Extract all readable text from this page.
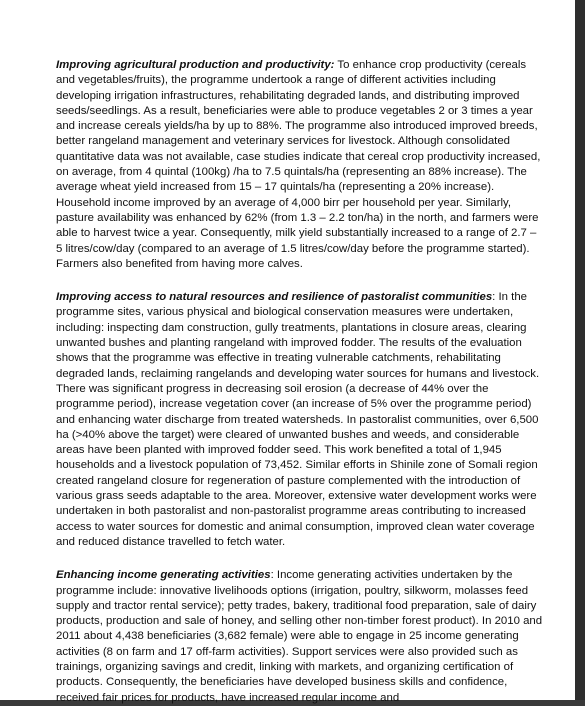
Improving agricultural production and productivity: To enhance crop productivity (cereals and vegetables/fruits), the programme undertook a range of different activities including developing irrigation infrastructures, rehabilitating degraded lands, and distributing improved seeds/seedlings. As a result, beneficiaries were able to produce vegetables 2 or 3 times a year and increase cereals yields/ha by up to 88%. The programme also introduced improved breeds, better rangeland management and veterinary services for livestock. Although consolidated quantitative data was not available, case studies indicate that cereal crop productivity increased, on average, from 4 quintal (100kg) /ha to 7.5 quintals/ha (representing an 88% increase). The average wheat yield increased from 15 – 17 quintals/ha (representing a 20% increase). Household income improved by an average of 4,000 birr per household per year. Similarly, pasture availability was enhanced by 62% (from 1.3 – 2.2 ton/ha) in the north, and farmers were able to harvest twice a year. Consequently, milk yield substantially increased to a range of 2.7 – 5 litres/cow/day (compared to an average of 1.5 litres/cow/day before the programme started). Farmers also benefited from having more calves.

Improving access to natural resources and resilience of pastoralist communities: In the programme sites, various physical and biological conservation measures were undertaken, including: inspecting dam construction, gully treatments, plantations in closure areas, clearing unwanted bushes and planting rangeland with improved fodder. The results of the evaluation shows that the programme was effective in treating vulnerable catchments, rehabilitating degraded lands, reclaiming rangelands and developing water sources for humans and livestock. There was significant progress in decreasing soil erosion (a decrease of 44% over the programme period), increase vegetation cover (an increase of 5% over the programme period) and enhancing water discharge from treated watersheds. In pastoralist communities, over 6,500 ha (>40% above the target) were cleared of unwanted bushes and weeds, and considerable areas have been planted with improved fodder seed. This work benefited a total of 1,945 households and a livestock population of 73,452. Similar efforts in Shinile zone of Somali region created rangeland closure for regeneration of pasture complemented with the introduction of various grass seeds adaptable to the area. Moreover, extensive water development works were undertaken in both pastoralist and non-pastoralist programme areas contributing to increased access to water sources for domestic and animal consumption, improved clean water coverage and reduced distance travelled to fetch water.

Enhancing income generating activities: Income generating activities undertaken by the programme include: innovative livelihoods options (irrigation, poultry, silkworm, molasses feed supply and tractor rental service); petty trades, bakery, traditional food preparation, sale of dairy products, production and sale of honey, and selling other non-timber forest product). In 2010 and 2011 about 4,438 beneficiaries (3,682 female) were able to engage in 25 income generating activities (8 on farm and 17 off-farm activities). Support services were also provided such as trainings, organizing savings and credit, linking with markets, and organizing certification of products. Consequently, the beneficiaries have developed business skills and confidence, received fair prices for products, have increased regular income and
